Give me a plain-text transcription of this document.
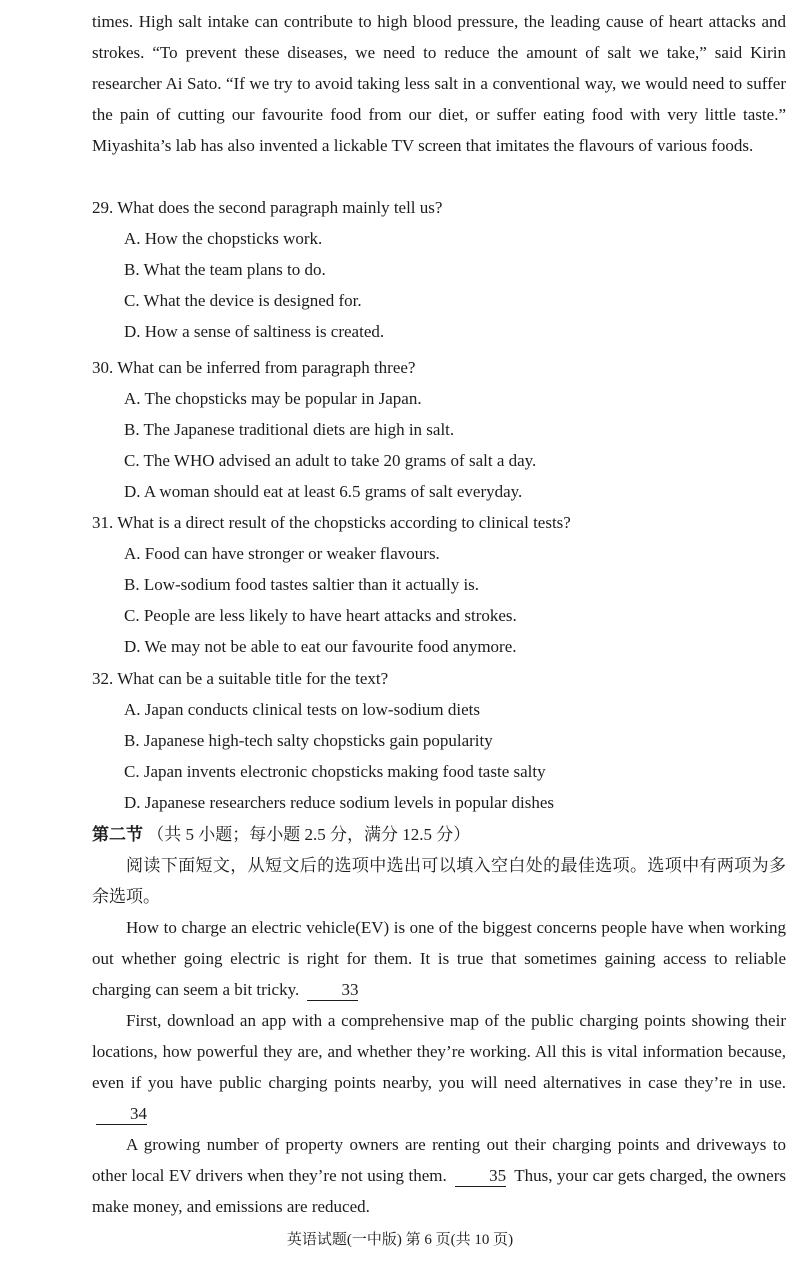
times. High salt intake can contribute to high blood pressure, the leading cause of heart attacks and strokes. “To prevent these diseases, we need to reduce the amount of salt we take,” said Kirin researcher Ai Sato. “If we try to avoid taking less salt in a conventional way, we would need to suffer the pain of cutting our favourite food from our diet, or suffer eating food with very little taste.” Miyashita’s lab has also invented a lickable TV screen that imitates the flavours of various foods.

29. What does the second paragraph mainly tell us?

A. How the chopsticks work.

B. What the team plans to do.

C. What the device is designed for.

D. How a sense of saltiness is created.

30. What can be inferred from paragraph three?

A. The chopsticks may be popular in Japan.

B. The Japanese traditional diets are high in salt.

C. The WHO advised an adult to take 20 grams of salt a day.

D. A woman should eat at least 6.5 grams of salt everyday.

31. What is a direct result of the chopsticks according to clinical tests?

A. Food can have stronger or weaker flavours.

B. Low-sodium food tastes saltier than it actually is.

C. People are less likely to have heart attacks and strokes.

D. We may not be able to eat our favourite food anymore.

32. What can be a suitable title for the text?

A. Japan conducts clinical tests on low-sodium diets

B. Japanese high-tech salty chopsticks gain popularity

C. Japan invents electronic chopsticks making food taste salty

D. Japanese researchers reduce sodium levels in popular dishes

第二节 （共 5 小题；每小题 2.5 分，满分 12.5 分）

阅读下面短文，从短文后的选项中选出可以填入空白处的最佳选项。选项中有两项为多余选项。

How to charge an electric vehicle(EV) is one of the biggest concerns people have when working out whether going electric is right for them. It is true that sometimes gaining access to reliable charging can seem a bit tricky. 33

First, download an app with a comprehensive map of the public charging points showing their locations, how powerful they are, and whether they’re working. All this is vital information because, even if you have public charging points nearby, you will need alternatives in case they’re in use. 34

A growing number of property owners are renting out their charging points and driveways to other local EV drivers when they’re not using them. 35 Thus, your car gets charged, the owners make money, and emissions are reduced.

英语试题(一中版) 第 6 页(共 10 页)
